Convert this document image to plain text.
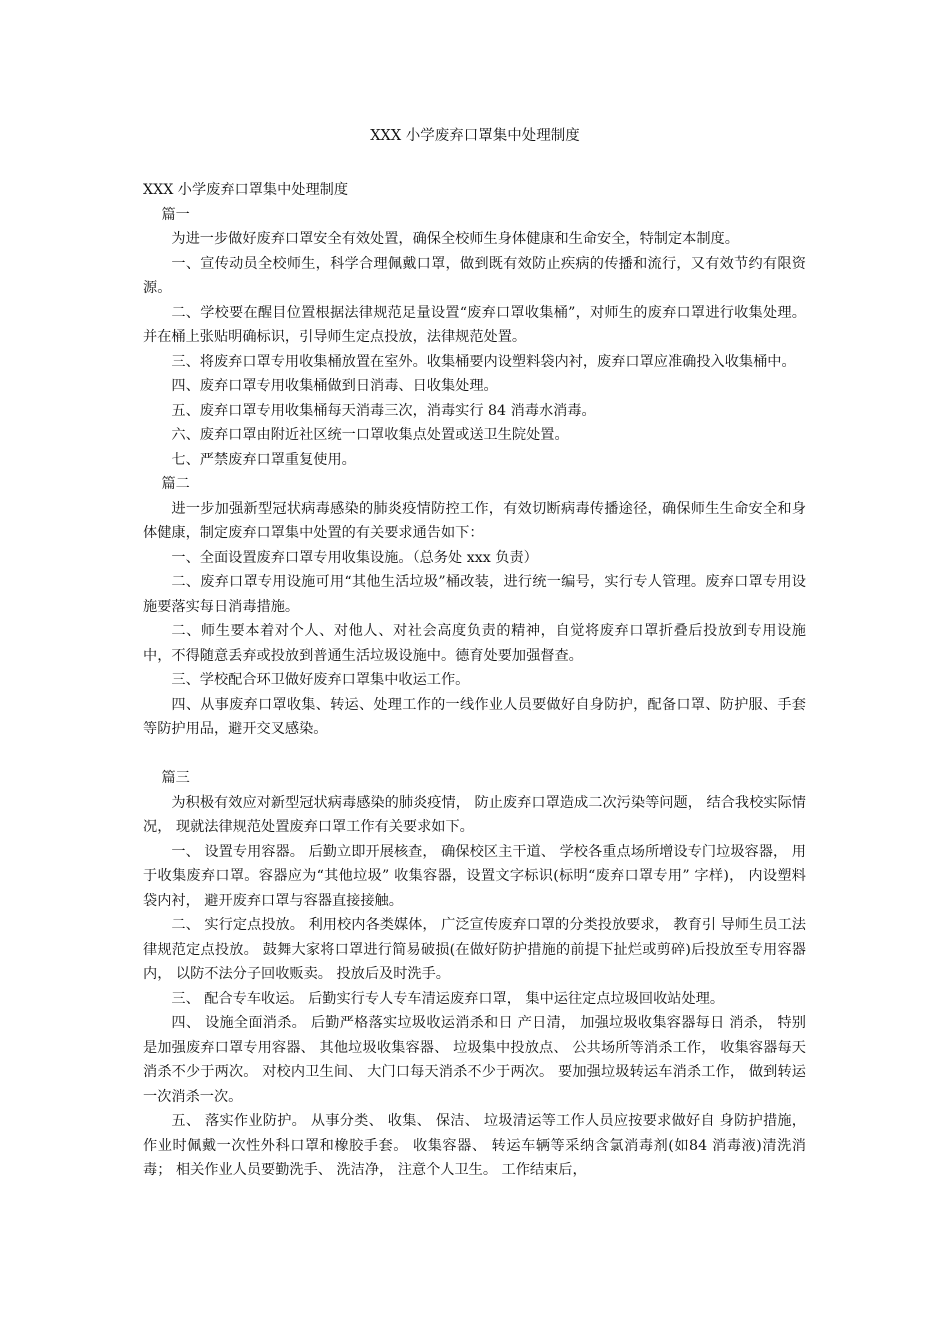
XXX 小学废弃口罩集中处理制度

XXX 小学废弃口罩集中处理制度

篇一

为进一步做好废弃口罩安全有效处置，确保全校师生身体健康和生命安全，特制定本制度。

一、宣传动员全校师生，科学合理佩戴口罩，做到既有效防止疾病的传播和流行，又有效节约有限资源。

二、学校要在醒目位置根据法律规范足量设置“废弃口罩收集桶”，对师生的废弃口罩进行收集处理。并在桶上张贴明确标识，引导师生定点投放，法律规范处置。

三、将废弃口罩专用收集桶放置在室外。收集桶要内设塑料袋内衬，废弃口罩应准确投入收集桶中。

四、废弃口罩专用收集桶做到日消毒、日收集处理。

五、废弃口罩专用收集桶每天消毒三次，消毒实行 84 消毒水消毒。

六、废弃口罩由附近社区统一口罩收集点处置或送卫生院处置。

七、严禁废弃口罩重复使用。

篇二

进一步加强新型冠状病毒感染的肺炎疫情防控工作，有效切断病毒传播途径，确保师生生命安全和身体健康，制定废弃口罩集中处置的有关要求通告如下：

一、全面设置废弃口罩专用收集设施。（总务处 xxx 负责）

二、废弃口罩专用设施可用“其他生活垃圾”桶改装，进行统一编号，实行专人管理。废弃口罩专用设施要落实每日消毒措施。

二、师生要本着对个人、对他人、对社会高度负责的精神，自觉将废弃口罩折叠后投放到专用设施中，不得随意丢弃或投放到普通生活垃圾设施中。德育处要加强督查。

三、学校配合环卫做好废弃口罩集中收运工作。

四、从事废弃口罩收集、转运、处理工作的一线作业人员要做好自身防护，配备口罩、防护服、手套等防护用品，避开交叉感染。

篇三

为积极有效应对新型冠状病毒感染的肺炎疫情， 防止废弃口罩造成二次污染等问题， 结合我校实际情况， 现就法律规范处置废弃口罩工作有关要求如下。

一、 设置专用容器。 后勤立即开展核查， 确保校区主干道、 学校各重点场所增设专门垃圾容器， 用于收集废弃口罩。容器应为“其他垃圾” 收集容器，设置文字标识(标明“废弃口罩专用” 字样)， 内设塑料袋内衬， 避开废弃口罩与容器直接接触。

二、 实行定点投放。 利用校内各类媒体， 广泛宣传废弃口罩的分类投放要求， 教育引 导师生员工法律规范定点投放。 鼓舞大家将口罩进行简易破损(在做好防护措施的前提下扯烂或剪碎)后投放至专用容器内， 以防不法分子回收贩卖。 投放后及时洗手。

三、 配合专车收运。 后勤实行专人专车清运废弃口罩， 集中运往定点垃圾回收站处理。

四、 设施全面消杀。 后勤严格落实垃圾收运消杀和日 产日清， 加强垃圾收集容器每日 消杀， 特别是加强废弃口罩专用容器、 其他垃圾收集容器、 垃圾集中投放点、 公共场所等消杀工作， 收集容器每天消杀不少于两次。 对校内卫生间、 大门口每天消杀不少于两次。 要加强垃圾转运车消杀工作， 做到转运一次消杀一次。

五、 落实作业防护。 从事分类、 收集、 保洁、 垃圾清运等工作人员应按要求做好自 身防护措施， 作业时佩戴一次性外科口罩和橡胶手套。 收集容器、 转运车辆等采纳含氯消毒剂(如84 消毒液)清洗消毒； 相关作业人员要勤洗手、 洗洁净， 注意个人卫生。 工作结束后，
